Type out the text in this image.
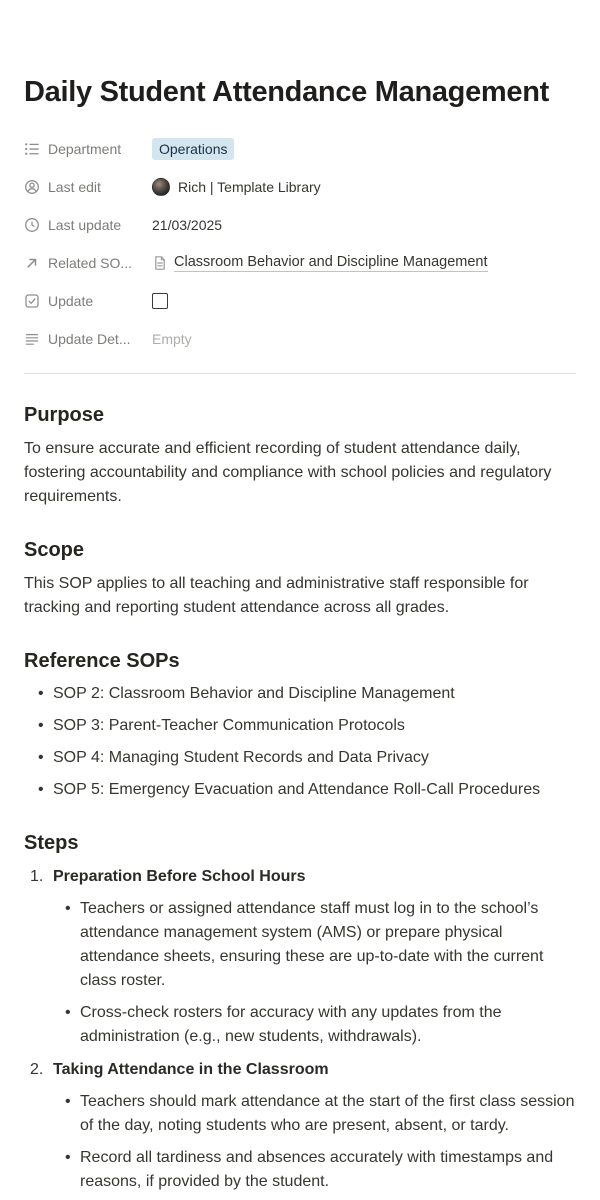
Daily Student Attendance Management
Department	Operations
Last edit	Rich | Template Library
Last update 21/03/2025
Related SO...	Classroom Behavior and Discipline Management
Update
Update Det... Empty
Purpose

To ensure accurate and efficient recording of student attendance daily, fostering accountability and compliance with school policies and regulatory requirements.

Scope

This SOP applies to all teaching and administrative staff responsible for tracking and reporting student attendance across all grades.

Reference SOPs
• SOP 2: Classroom Behavior and Discipline Management
• SOP 3: Parent-Teacher Communication Protocols
• SOP 4: Managing Student Records and Data Privacy
• SOP 5: Emergency Evacuation and Attendance Roll-Call Procedures
Steps
1. Preparation Before School Hours
• Teachers or assigned attendance staff must log in to the school’s attendance management system (AMS) or prepare physical attendance sheets, ensuring these are up-to-date with the current class roster.
• Cross-check rosters for accuracy with any updates from the administration (e.g., new students, withdrawals).
2. Taking Attendance in the Classroom
• Teachers should mark attendance at the start of the first class session of the day, noting students who are present, absent, or tardy.
• Record all tardiness and absences accurately with timestamps and reasons, if provided by the student.
